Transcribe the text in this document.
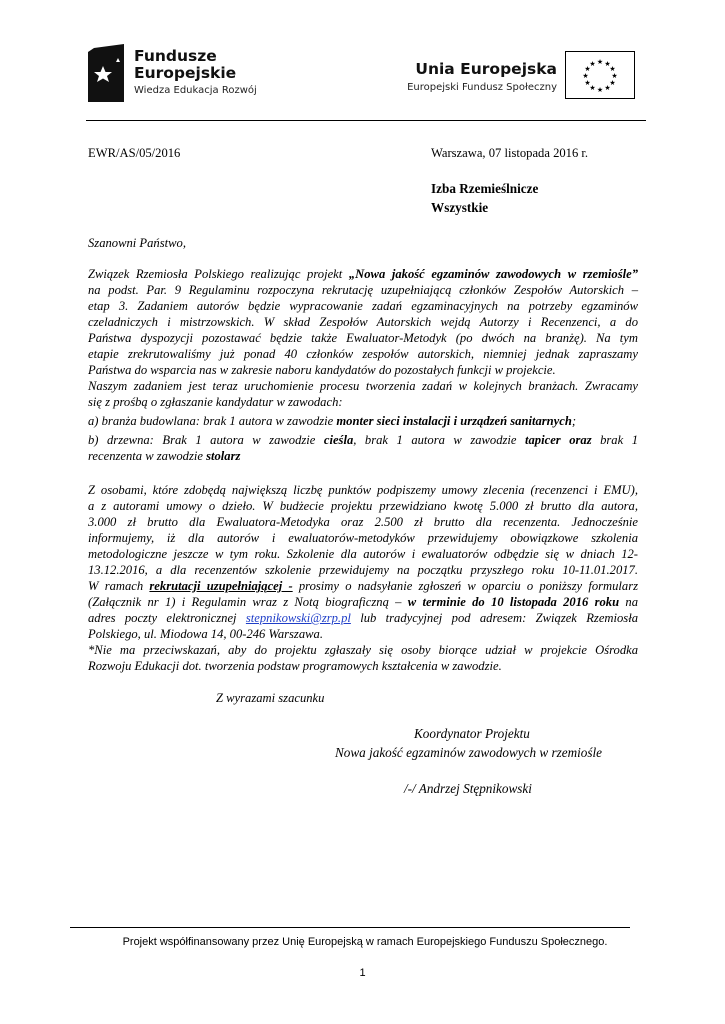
Fundusze
Europejskie
Wiedza Edukacja Rozwój
Unia Europejska
Europejski Fundusz Społeczny
★ ★
★
★
★
★
★
★
★
★
★
★
EWR/AS/05/2016	Warszawa, 07 listopada 2016 r.
Izba Rzemieślnicze
Wszystkie
Szanowni Państwo,
Związek Rzemiosła Polskiego realizując projekt „Nowa jakość egzaminów zawodowych w rzemiośle”
na podst. Par. 9 Regulaminu rozpoczyna rekrutację uzupełniającą członków Zespołów Autorskich –
etap 3. Zadaniem autorów będzie wypracowanie zadań egzaminacyjnych na potrzeby egzaminów
czeladniczych i mistrzowskich. W skład Zespołów Autorskich wejdą Autorzy i Recenzenci, a do
Państwa dyspozycji pozostawać będzie także Ewaluator-Metodyk (po dwóch na branżę). Na tym
etapie zrekrutowaliśmy już ponad 40 członków zespołów autorskich, niemniej jednak zapraszamy
Państwa do wsparcia nas w zakresie naboru kandydatów do pozostałych funkcji w projekcie.
Naszym zadaniem jest teraz uruchomienie procesu tworzenia zadań w kolejnych branżach. Zwracamy
się z prośbą o zgłaszanie kandydatur w zawodach:
a) branża budowlana: brak 1 autora w zawodzie monter sieci instalacji i urządzeń sanitarnych;
b) drzewna: Brak 1 autora w zawodzie cieśla, brak 1 autora w zawodzie tapicer oraz brak 1
recenzenta w zawodzie stolarz
Z osobami, które zdobędą największą liczbę punktów podpiszemy umowy zlecenia (recenzenci i EMU),
a z autorami umowy o dzieło. W budżecie projektu przewidziano kwotę 5.000 zł brutto dla autora,
3.000 zł brutto dla Ewaluatora-Metodyka oraz 2.500 zł brutto dla recenzenta. Jednocześnie
informujemy, iż dla autorów i ewaluatorów-metodyków przewidujemy obowiązkowe szkolenia
metodologiczne jeszcze w tym roku. Szkolenie dla autorów i ewaluatorów odbędzie się w dniach 12-
13.12.2016, a dla recenzentów szkolenie przewidujemy na początku przyszłego roku 10-11.01.2017.
W ramach rekrutacji uzupełniającej - prosimy o nadsyłanie zgłoszeń w oparciu o poniższy formularz
(Załącznik nr 1) i Regulamin wraz z Notą biograficzną – w terminie do 10 listopada 2016 roku na
adres poczty elektronicznej stepnikowski@zrp.pl lub tradycyjnej pod adresem: Związek Rzemiosła
Polskiego, ul. Miodowa 14, 00-246 Warszawa.
*Nie ma przeciwskazań, aby do projektu zgłaszały się osoby biorące udział w projekcie Ośrodka
Rozwoju Edukacji dot. tworzenia podstaw programowych kształcenia w zawodzie.
Z wyrazami szacunku
Koordynator Projektu
Nowa jakość egzaminów zawodowych w rzemiośle
/-/ Andrzej Stępnikowski
Projekt współfinansowany przez Unię Europejską w ramach Europejskiego Funduszu Społecznego.
1
